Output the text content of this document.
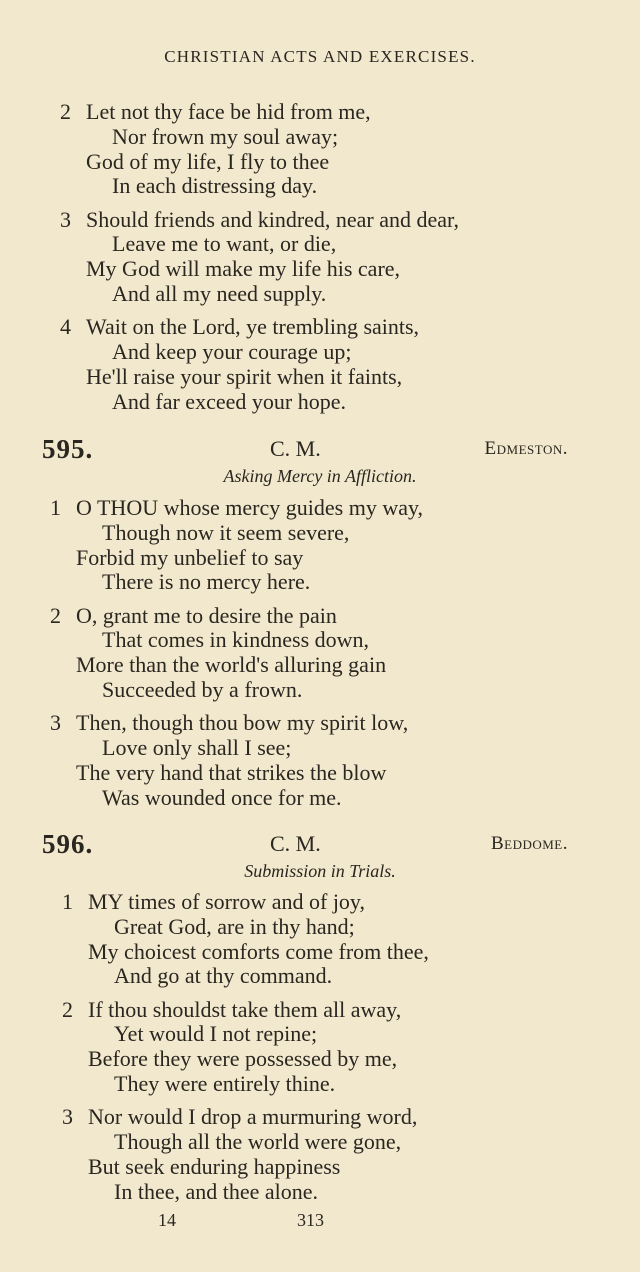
CHRISTIAN ACTS AND EXERCISES.
2 Let not thy face be hid from me,
Nor frown my soul away;
God of my life, I fly to thee
In each distressing day.
3 Should friends and kindred, near and dear,
Leave me to want, or die,
My God will make my life his care,
And all my need supply.
4 Wait on the Lord, ye trembling saints,
And keep your courage up;
He'll raise your spirit when it faints,
And far exceed your hope.
595.	C. M.	Edmeston.
Asking Mercy in Affliction.
1 O THOU whose mercy guides my way,
Though now it seem severe,
Forbid my unbelief to say
There is no mercy here.
2 O, grant me to desire the pain
That comes in kindness down,
More than the world's alluring gain
Succeeded by a frown.
3 Then, though thou bow my spirit low,
Love only shall I see;
The very hand that strikes the blow
Was wounded once for me.
596.	C. M.	Beddome.
Submission in Trials.
1 MY times of sorrow and of joy,
Great God, are in thy hand;
My choicest comforts come from thee,
And go at thy command.
2 If thou shouldst take them all away,
Yet would I not repine;
Before they were possessed by me,
They were entirely thine.
3 Nor would I drop a murmuring word,
Though all the world were gone,
But seek enduring happiness
In thee, and thee alone.
14	313
